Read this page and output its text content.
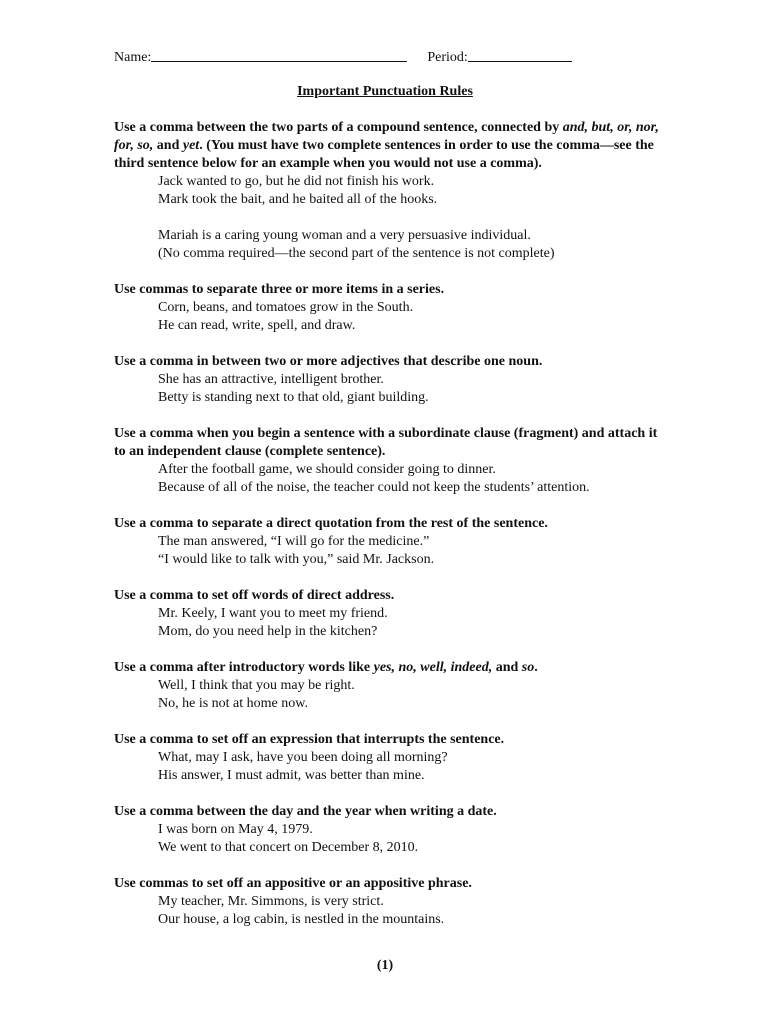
Name:	Period:
Important Punctuation Rules

Use a comma between the two parts of a compound sentence, connected by and, but, or, nor, for, so, and yet. (You must have two complete sentences in order to use the comma—see the third sentence below for an example when you would not use a comma).

Jack wanted to go, but he did not finish his work.

Mark took the bait, and he baited all of the hooks.

Mariah is a caring young woman and a very persuasive individual.

(No comma required—the second part of the sentence is not complete)

Use commas to separate three or more items in a series.

Corn, beans, and tomatoes grow in the South.

He can read, write, spell, and draw.

Use a comma in between two or more adjectives that describe one noun.

She has an attractive, intelligent brother.

Betty is standing next to that old, giant building.

Use a comma when you begin a sentence with a subordinate clause (fragment) and attach it to an independent clause (complete sentence).

After the football game, we should consider going to dinner.

Because of all of the noise, the teacher could not keep the students’ attention.

Use a comma to separate a direct quotation from the rest of the sentence.

The man answered, “I will go for the medicine.”

“I would like to talk with you,” said Mr. Jackson.

Use a comma to set off words of direct address.

Mr. Keely, I want you to meet my friend.

Mom, do you need help in the kitchen?

Use a comma after introductory words like yes, no, well, indeed, and so.

Well, I think that you may be right.

No, he is not at home now.

Use a comma to set off an expression that interrupts the sentence.

What, may I ask, have you been doing all morning?

His answer, I must admit, was better than mine.

Use a comma between the day and the year when writing a date.

I was born on May 4, 1979.

We went to that concert on December 8, 2010.

Use commas to set off an appositive or an appositive phrase.

My teacher, Mr. Simmons, is very strict.

Our house, a log cabin, is nestled in the mountains.

(1)
